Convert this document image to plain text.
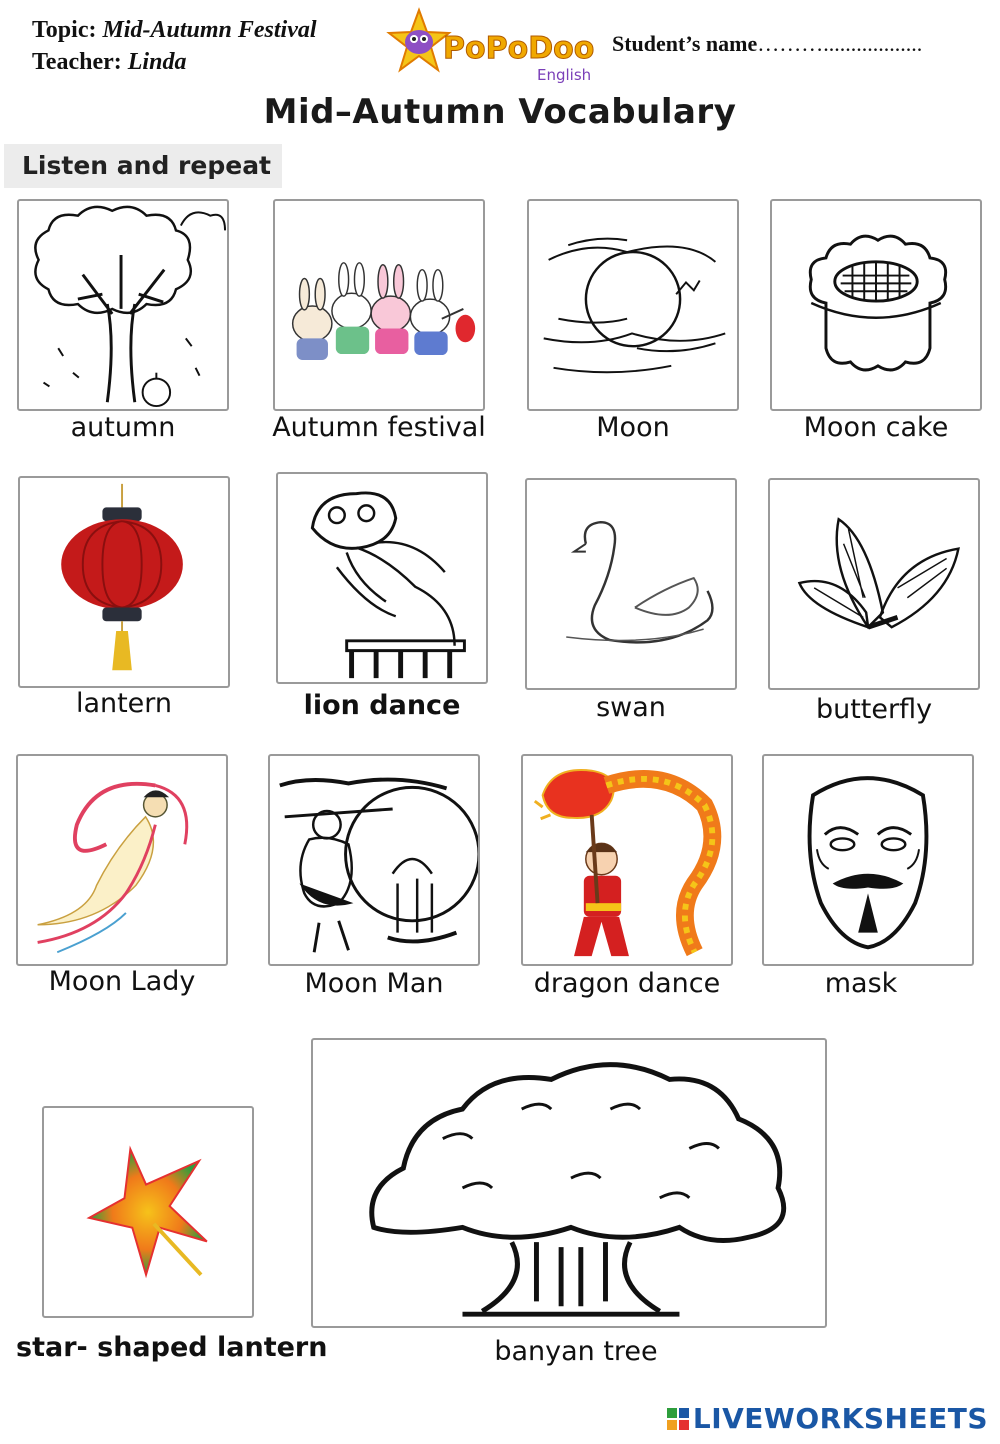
Topic: Mid-Autumn Festival
Teacher: Linda	PoPoDoo
English
Student’s name………..................
Mid–Autumn Vocabulary
Listen and repeat
autumn	Autumn festival	Moon	Moon cake
lantern	lion dance	swan	butterfly
Moon Lady	Moon Man	dragon dance	mask
star- shaped lantern	banyan tree
LIVEWORKSHEETS
